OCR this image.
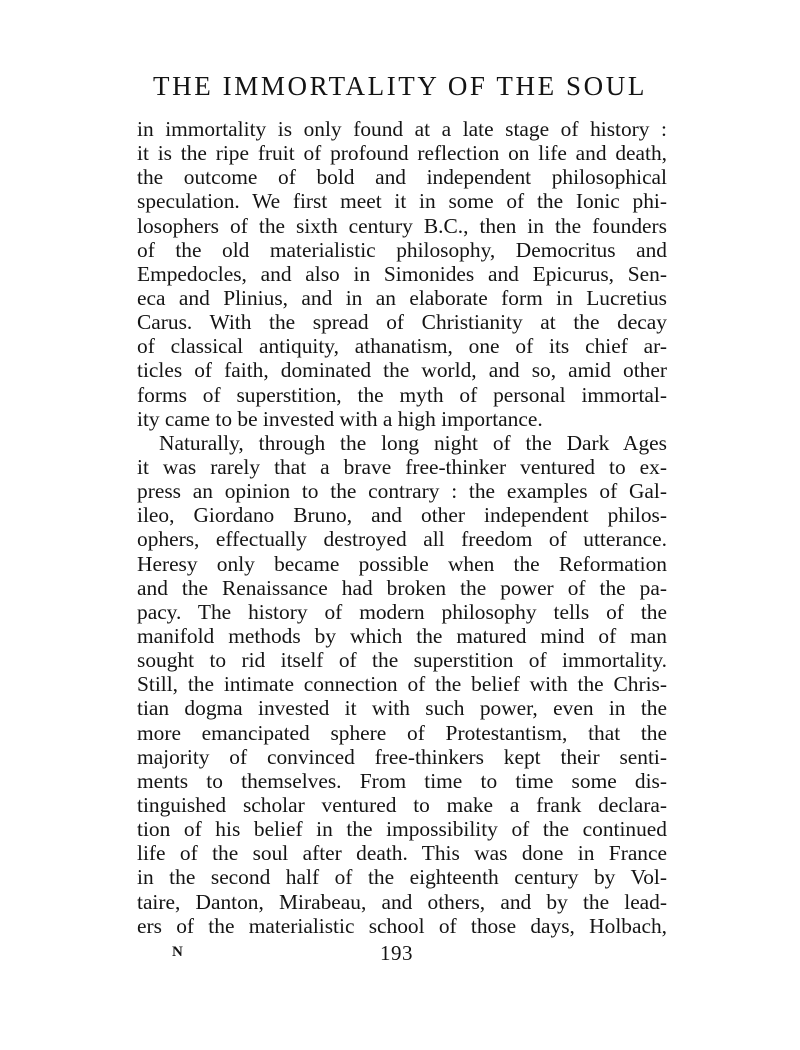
THE IMMORTALITY OF THE SOUL
in immortality is only found at a late stage of history :
it is the ripe fruit of profound reflection on life and death,
the outcome of bold and independent philosophical
speculation. We first meet it in some of the Ionic phi-
losophers of the sixth century B.C., then in the founders
of the old materialistic philosophy, Democritus and
Empedocles, and also in Simonides and Epicurus, Sen-
eca and Plinius, and in an elaborate form in Lucretius
Carus. With the spread of Christianity at the decay
of classical antiquity, athanatism, one of its chief ar-
ticles of faith, dominated the world, and so, amid other
forms of superstition, the myth of personal immortal-
ity came to be invested with a high importance.
Naturally, through the long night of the Dark Ages
it was rarely that a brave free-thinker ventured to ex-
press an opinion to the contrary : the examples of Gal-
ileo, Giordano Bruno, and other independent philos-
ophers, effectually destroyed all freedom of utterance.
Heresy only became possible when the Reformation
and the Renaissance had broken the power of the pa-
pacy. The history of modern philosophy tells of the
manifold methods by which the matured mind of man
sought to rid itself of the superstition of immortality.
Still, the intimate connection of the belief with the Chris-
tian dogma invested it with such power, even in the
more emancipated sphere of Protestantism, that the
majority of convinced free-thinkers kept their senti-
ments to themselves. From time to time some dis-
tinguished scholar ventured to make a frank declara-
tion of his belief in the impossibility of the continued
life of the soul after death. This was done in France
in the second half of the eighteenth century by Vol-
taire, Danton, Mirabeau, and others, and by the lead-
ers of the materialistic school of those days, Holbach,
N	193
